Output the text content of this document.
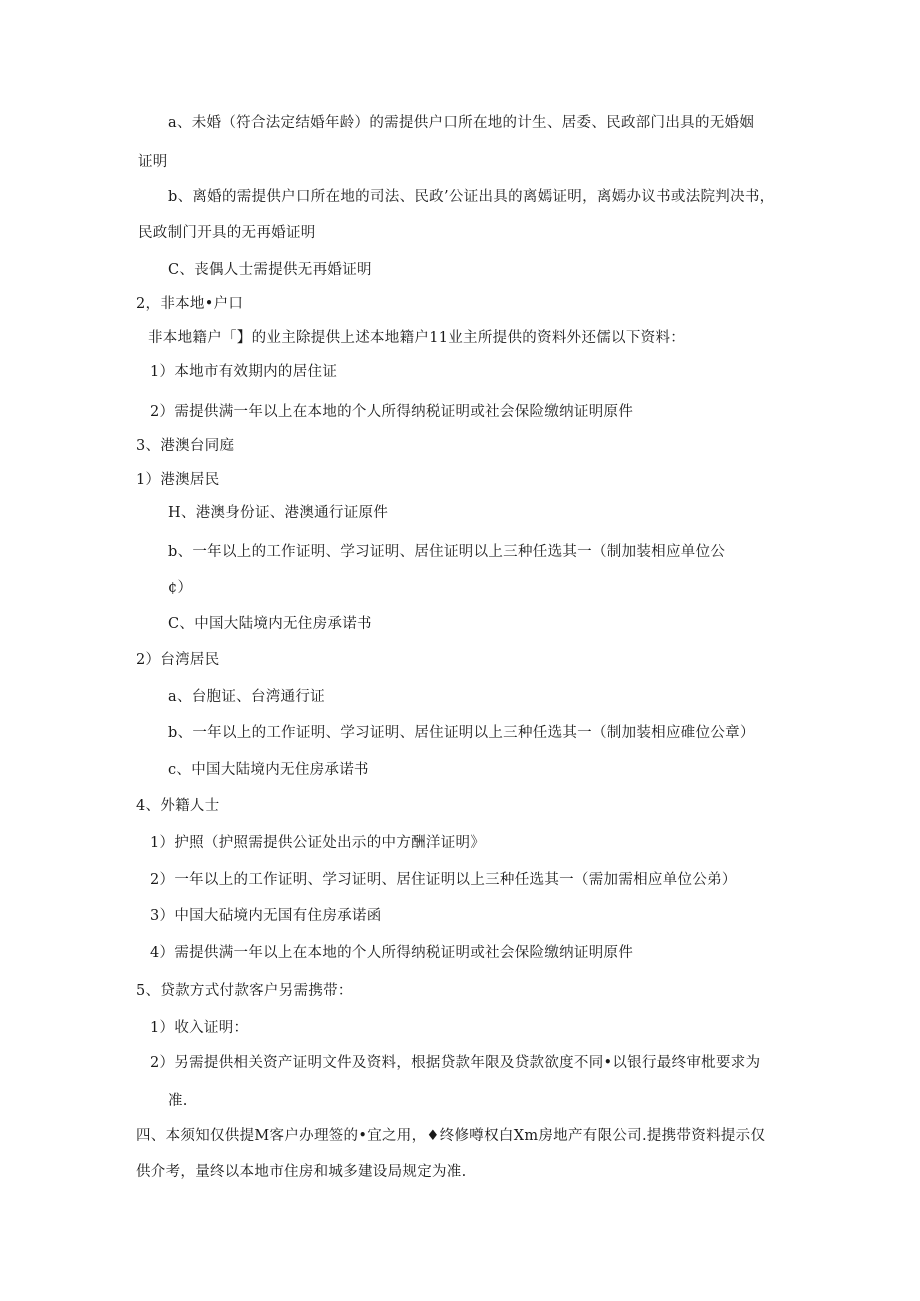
a、未婚（符合法定结婚年龄）的需提供户口所在地的计生、居委、民政部门出具的无婚姻
证明
b、离婚的需提供户口所在地的司法、民政’公证出具的离嫣证明，离嫣办议书或法院判决书，
民政制门开具的无再婚证明
C、丧偶人士需提供无再婚证明
2，非本地•户口
非本地籍户「】的业主除提供上述本地籍户11业主所提供的资料外还儒以下资料：
1）本地市有效期内的居住证
2）需提供满一年以上在本地的个人所得纳税证明或社会保险缴纳证明原件
3、港澳台同庭
1）港澳居民
H、港澳身份证、港澳通行证原件
b、一年以上的工作证明、学习证明、居住证明以上三种任选其一（制加装相应单位公
¢）
C、中国大陆境内无住房承诺书
2）台湾居民
a、台胞证、台湾通行证
b、一年以上的工作证明、学习证明、居住证明以上三种任选其一（制加装相应碓位公章）
c、中国大陆境内无住房承诺书
4、外籍人士
1）护照（护照需提供公证处出示的中方酬洋证明》
2）一年以上的工作证明、学习证明、居住证明以上三种任选其一（需加需相应单位公弟）
3）中国大砧境内无国有住房承诺函
4）需提供满一年以上在本地的个人所得纳税证明或社会保险缴纳证明原件
5、贷款方式付款客户另需携带：
1）收入证明：
2）另需提供相关资产证明文件及资料，根据贷款年限及贷款欲度不同•以银行最终审枇要求为
准.
四、本须知仅供提M客户办理签的•宜之用，♦终修噂权白Xm房地产有限公司.提携带资料提示仅
供介考，量终以本地市住房和城多建设局规定为准.
